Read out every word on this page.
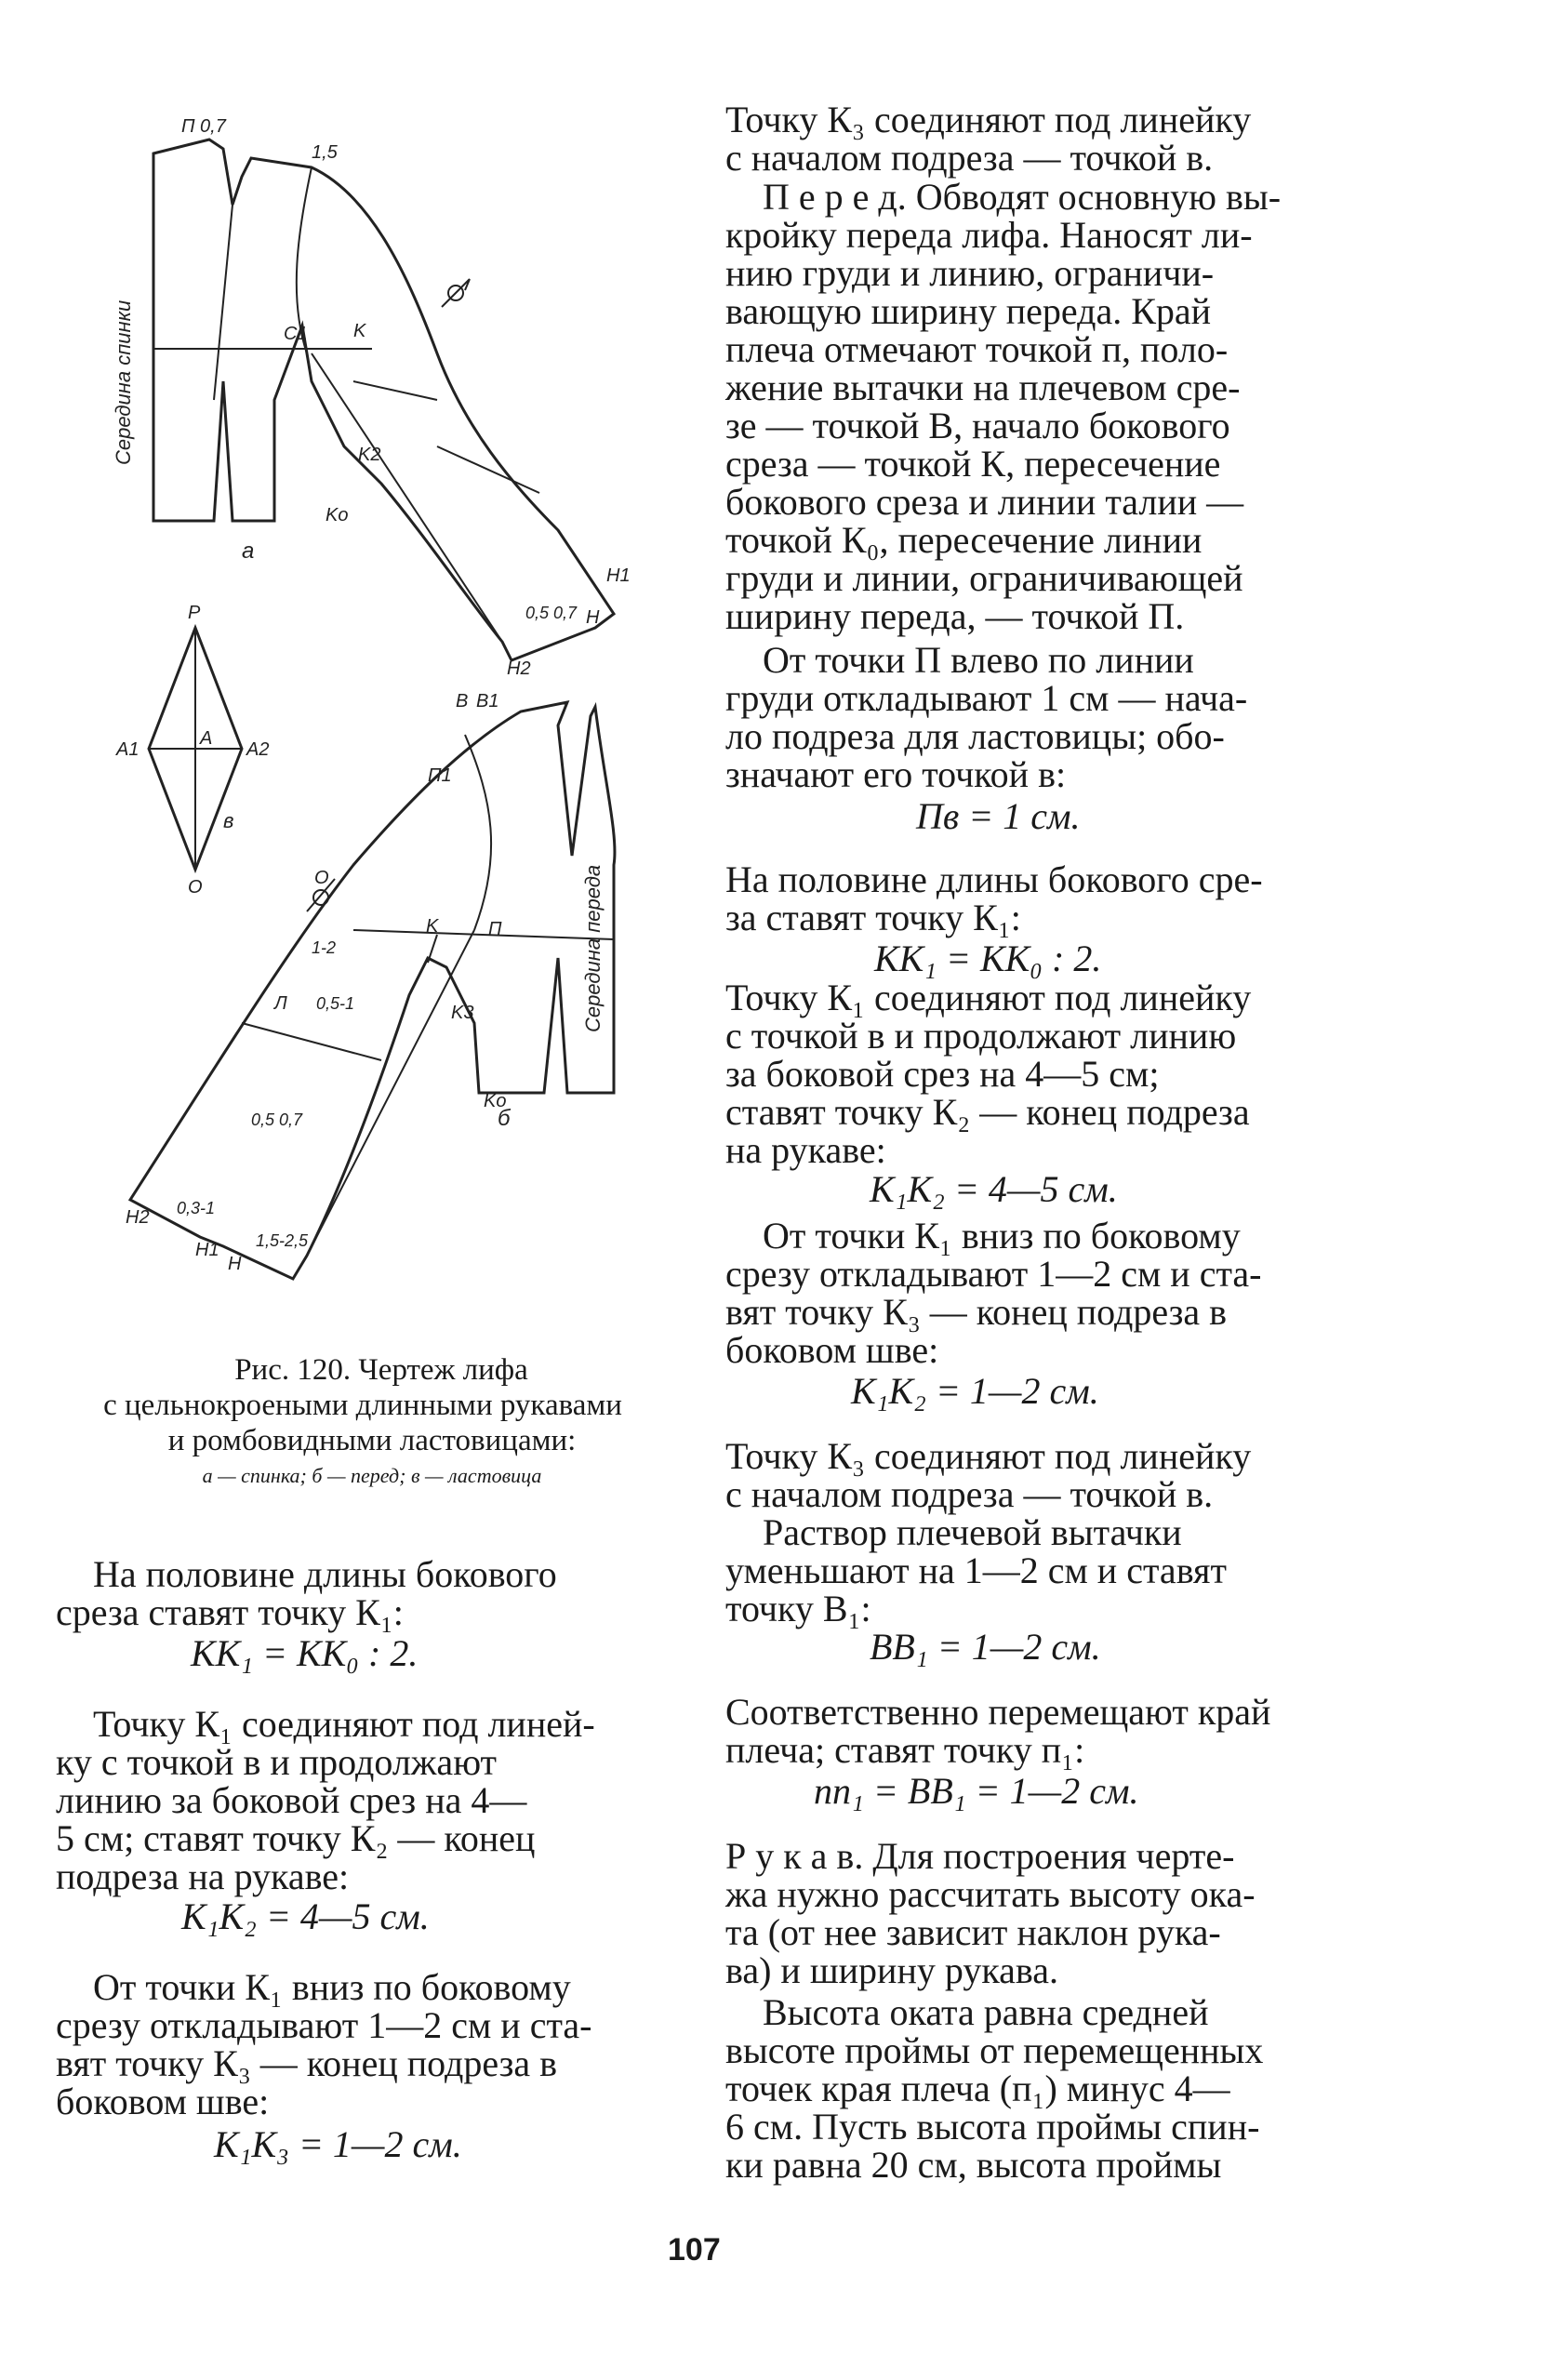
Середина спинки
а
П 0,7
1,5
C1 K
K2
Ko
H1
H
H2
0,5 0,7
P
A1
A
A2
в
O	Середина переда
б
B B1
П1
П
K
K3
Ko
Л
О
1-2
0,5-1
0,5 0,7
0,3-1
H2
H1
H
1,5-2,5
Рис. 120. Чертеж лифа
с цельнокроеными длинными рукавами
и ромбовидными ластовицами:
а — спинка; б — перед; в — ластовица
На половине длины бокового
среза ставят точку К₁:
КК₁ = КК₀ : 2.
Точку К₁ соединяют под линей-
ку с точкой в и продолжают
линию за боковой срез на 4—
5 см; ставят точку К₂ — конец
подреза на рукаве:
К₁К₂ = 4—5 см.
От точки К₁ вниз по боковому
срезу откладывают 1—2 см и ста-
вят точку К₃ — конец подреза в
боковом шве:
К₁К₃ = 1—2 см.
Точку К₃ соединяют под линейку
с началом подреза — точкой в.
П е р е д. Обводят основную вы-
кройку переда лифа. Наносят ли-
нию груди и линию, ограничи-
вающую ширину переда. Край
плеча отмечают точкой п, поло-
жение вытачки на плечевом сре-
зе — точкой В, начало бокового
среза — точкой К, пересечение
бокового среза и линии талии —
точкой К₀, пересечение линии
груди и линии, ограничивающей
ширину переда, — точкой П.
От точки П влево по линии
груди откладывают 1 см — нача-
ло подреза для ластовицы; обо-
значают его точкой в:
Пв = 1 см.
На половине длины бокового сре-
за ставят точку К₁:
КК₁ = КК₀ : 2.
Точку К₁ соединяют под линейку
с точкой в и продолжают линию
за боковой срез на 4—5 см;
ставят точку К₂ — конец подреза
на рукаве:
К₁К₂ = 4—5 см.
От точки К₁ вниз по боковому
срезу откладывают 1—2 см и ста-
вят точку К₃ — конец подреза в
боковом шве:
К₁К₂ = 1—2 см.
Точку К₃ соединяют под линейку
с началом подреза — точкой в.
Раствор плечевой вытачки
уменьшают на 1—2 см и ставят
точку В₁:
ВВ₁ = 1—2 см.
Соответственно перемещают край
плеча; ставят точку п₁:
пп₁ = ВВ₁ = 1—2 см.
Р у к а в. Для построения черте-
жа нужно рассчитать высоту ока-
та (от нее зависит наклон рука-
ва) и ширину рукава.
Высота оката равна средней
высоте проймы от перемещенных
точек края плеча (п₁) минус 4—
6 см. Пусть высота проймы спин-
ки равна 20 см, высота проймы
107
